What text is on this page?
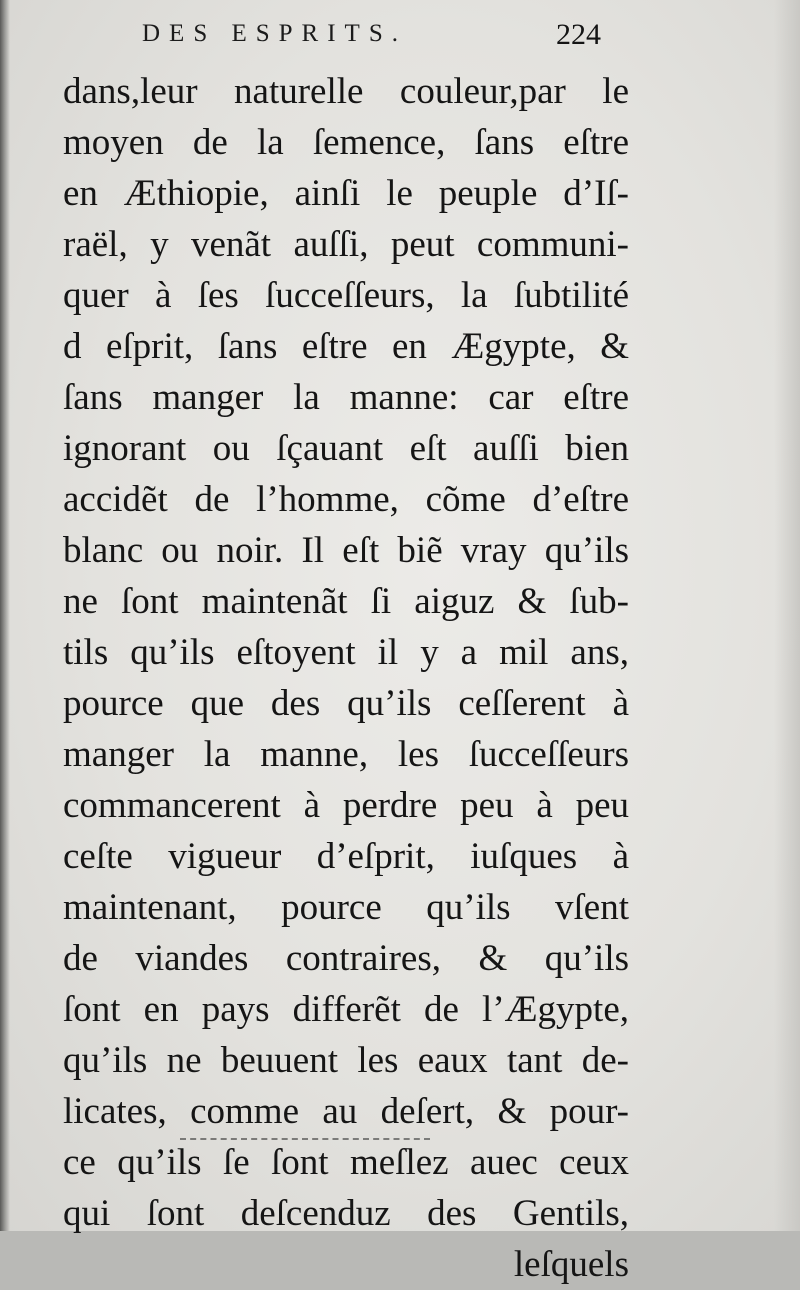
DES ESPRITS.	224
dans,leur naturelle couleur,par le
moyen de la ſemence, ſans eſtre
en Æthiopie, ainſi le peuple d’Iſ-
raël, y venãt auſſi, peut communi-
quer à ſes ſucceſſeurs, la ſubtilité
d eſprit, ſans eſtre en Ægypte, &
ſans manger la manne: car eſtre
ignorant ou ſçauant eſt auſſi bien
accidẽt de l’homme, cõme d’eſtre
blanc ou noir. Il eſt biẽ vray qu’ils
ne ſont maintenãt ſi aiguz & ſub-
tils qu’ils eſtoyent il y a mil ans,
pource que des qu’ils ceſſerent à
manger la manne, les ſucceſſeurs
commancerent à perdre peu à peu
ceſte vigueur d’eſprit, iuſques à
maintenant, pource qu’ils vſent
de viandes contraires, & qu’ils
ſont en pays differẽt de l’Ægypte,
qu’ils ne beuuent les eaux tant de-
licates, comme au deſert, & pour-
ce qu’ils ſe ſont meſlez auec ceux
qui ſont deſcenduz des Gentils,
leſquels
